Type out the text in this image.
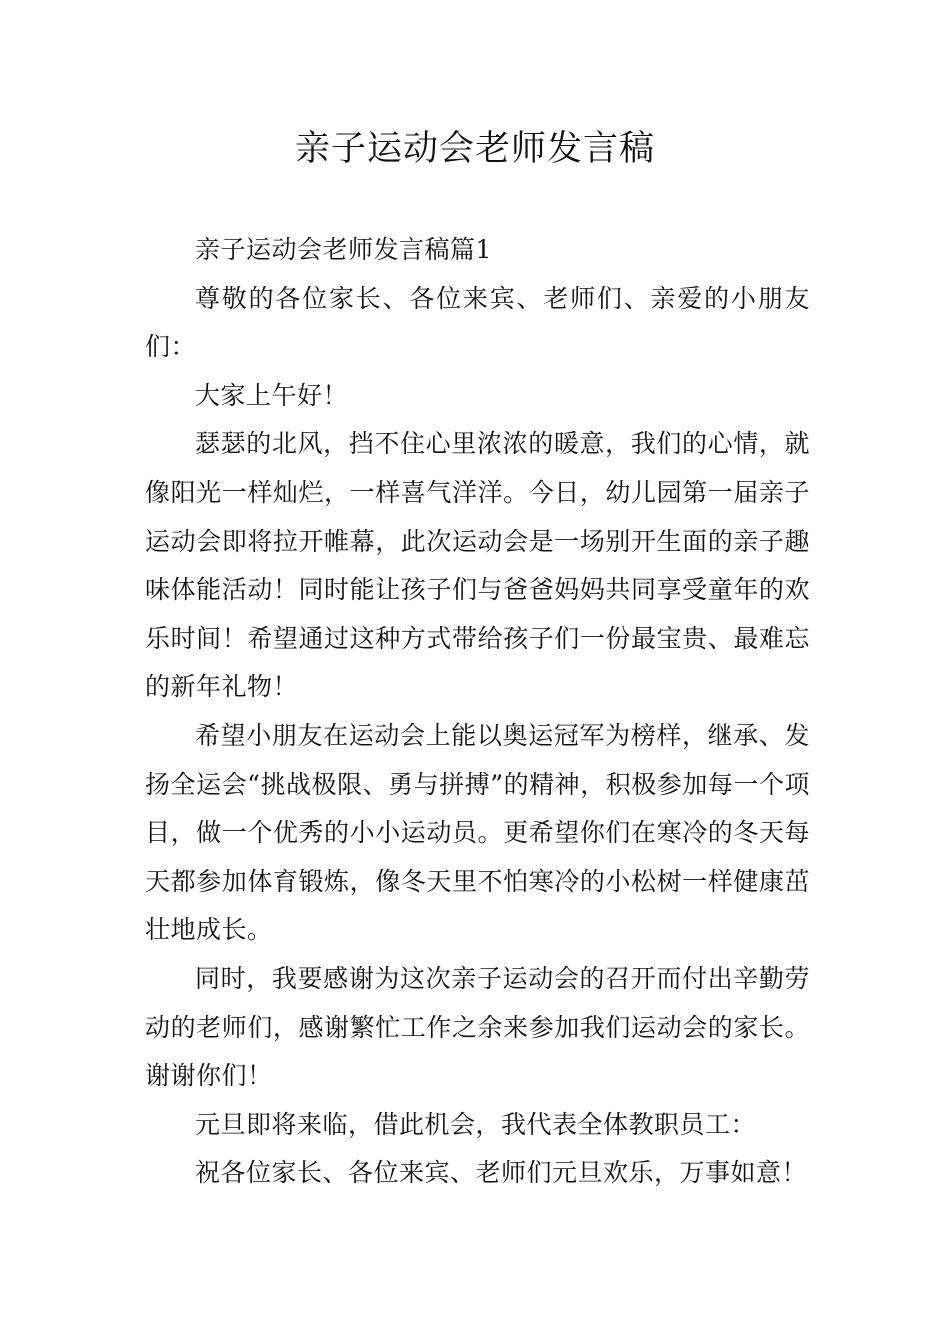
亲子运动会老师发言稿

亲子运动会老师发言稿篇1

尊敬的各位家长、各位来宾、老师们、亲爱的小朋友们：

大家上午好！

瑟瑟的北风，挡不住心里浓浓的暖意，我们的心情，就像阳光一样灿烂，一样喜气洋洋。今日，幼儿园第一届亲子运动会即将拉开帷幕，此次运动会是一场别开生面的亲子趣味体能活动！同时能让孩子们与爸爸妈妈共同享受童年的欢乐时间！希望通过这种方式带给孩子们一份最宝贵、最难忘的新年礼物！

希望小朋友在运动会上能以奥运冠军为榜样，继承、发扬全运会“挑战极限、勇与拼搏”的精神，积极参加每一个项目，做一个优秀的小小运动员。更希望你们在寒冷的冬天每天都参加体育锻炼，像冬天里不怕寒冷的小松树一样健康茁壮地成长。

同时，我要感谢为这次亲子运动会的召开而付出辛勤劳动的老师们，感谢繁忙工作之余来参加我们运动会的家长。谢谢你们！

元旦即将来临，借此机会，我代表全体教职员工：

祝各位家长、各位来宾、老师们元旦欢乐，万事如意！
